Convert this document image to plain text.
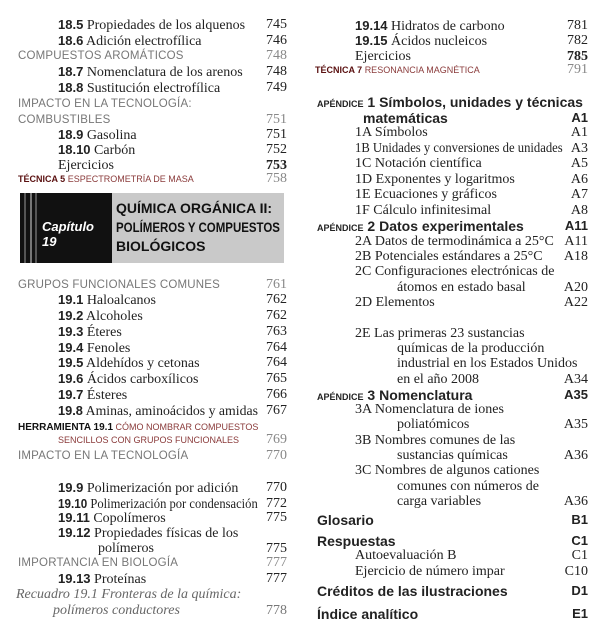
18.5 Propiedades de los alquenos 745
18.6 Adición electrofílica	746
COMPUESTOS AROMÁTICOS	748
18.7 Nomenclatura de los arenos 748
18.8 Sustitución electrofílica	749
IMPACTO EN LA TECNOLOGÍA:
COMBUSTIBLES	751
18.9 Gasolina	751
18.10 Carbón	752
Ejercicios	753
TÉCNICA 5 ESPECTROMETRÍA DE MASA	758
Capítulo 19
QUÍMICA ORGÁNICA II:
POLÍMEROS Y COMPUESTOS
BIOLÓGICOS
GRUPOS FUNCIONALES COMUNES	761
19.1 Haloalcanos	762
19.2 Alcoholes	762
19.3 Éteres	763
19.4 Fenoles	764
19.5 Aldehídos y cetonas	764
19.6 Ácidos carboxílicos	765
19.7 Ésteres	766
19.8 Aminas, aminoácidos y amidas 767
HERRAMIENTA 19.1 CÓMO NOMBRAR COMPUESTOS
SENCILLOS CON GRUPOS FUNCIONALES 769
IMPACTO EN LA TECNOLOGÍA	770
19.9 Polimerización por adición 770
19.10 Polimerización por condensación 772
19.11 Copolímeros	775
19.12 Propiedades físicas de los
polímeros	775
IMPORTANCIA EN BIOLOGÍA	777
19.13 Proteínas	777
Recuadro 19.1 Fronteras de la química:
polímeros conductores	778
19.14 Hidratos de carbono	781
19.15 Ácidos nucleicos	782
Ejercicios	785
TÉCNICA 7 RESONANCIA MAGNÉTICA	791
APÉNDICE 1 Símbolos, unidades y técnicas
matemáticas	A1
1A Símbolos	A1
1B Unidades y conversiones de unidades A3
1C Notación científica	A5
1D Exponentes y logaritmos	A6
1E Ecuaciones y gráficos	A7
1F Cálculo infinitesimal	A8
APÉNDICE 2 Datos experimentales	A11
2A Datos de termodinámica a 25°C A11
2B Potenciales estándares a 25°C A18
2C Configuraciones electrónicas de
átomos en estado basal	A20
2D Elementos	A22
2E Las primeras 23 sustancias
químicas de la producción
industrial en los Estados Unidos
en el año 2008	A34
APÉNDICE 3 Nomenclatura	A35
3A Nomenclatura de iones
poliatómicos	A35
3B Nombres comunes de las
sustancias químicas	A36
3C Nombres de algunos cationes
comunes con números de
carga variables	A36
Glosario	B1
Respuestas	C1
Autoevaluación B	C1
Ejercicio de número impar	C10
Créditos de las ilustraciones	D1
Índice analítico	E1
